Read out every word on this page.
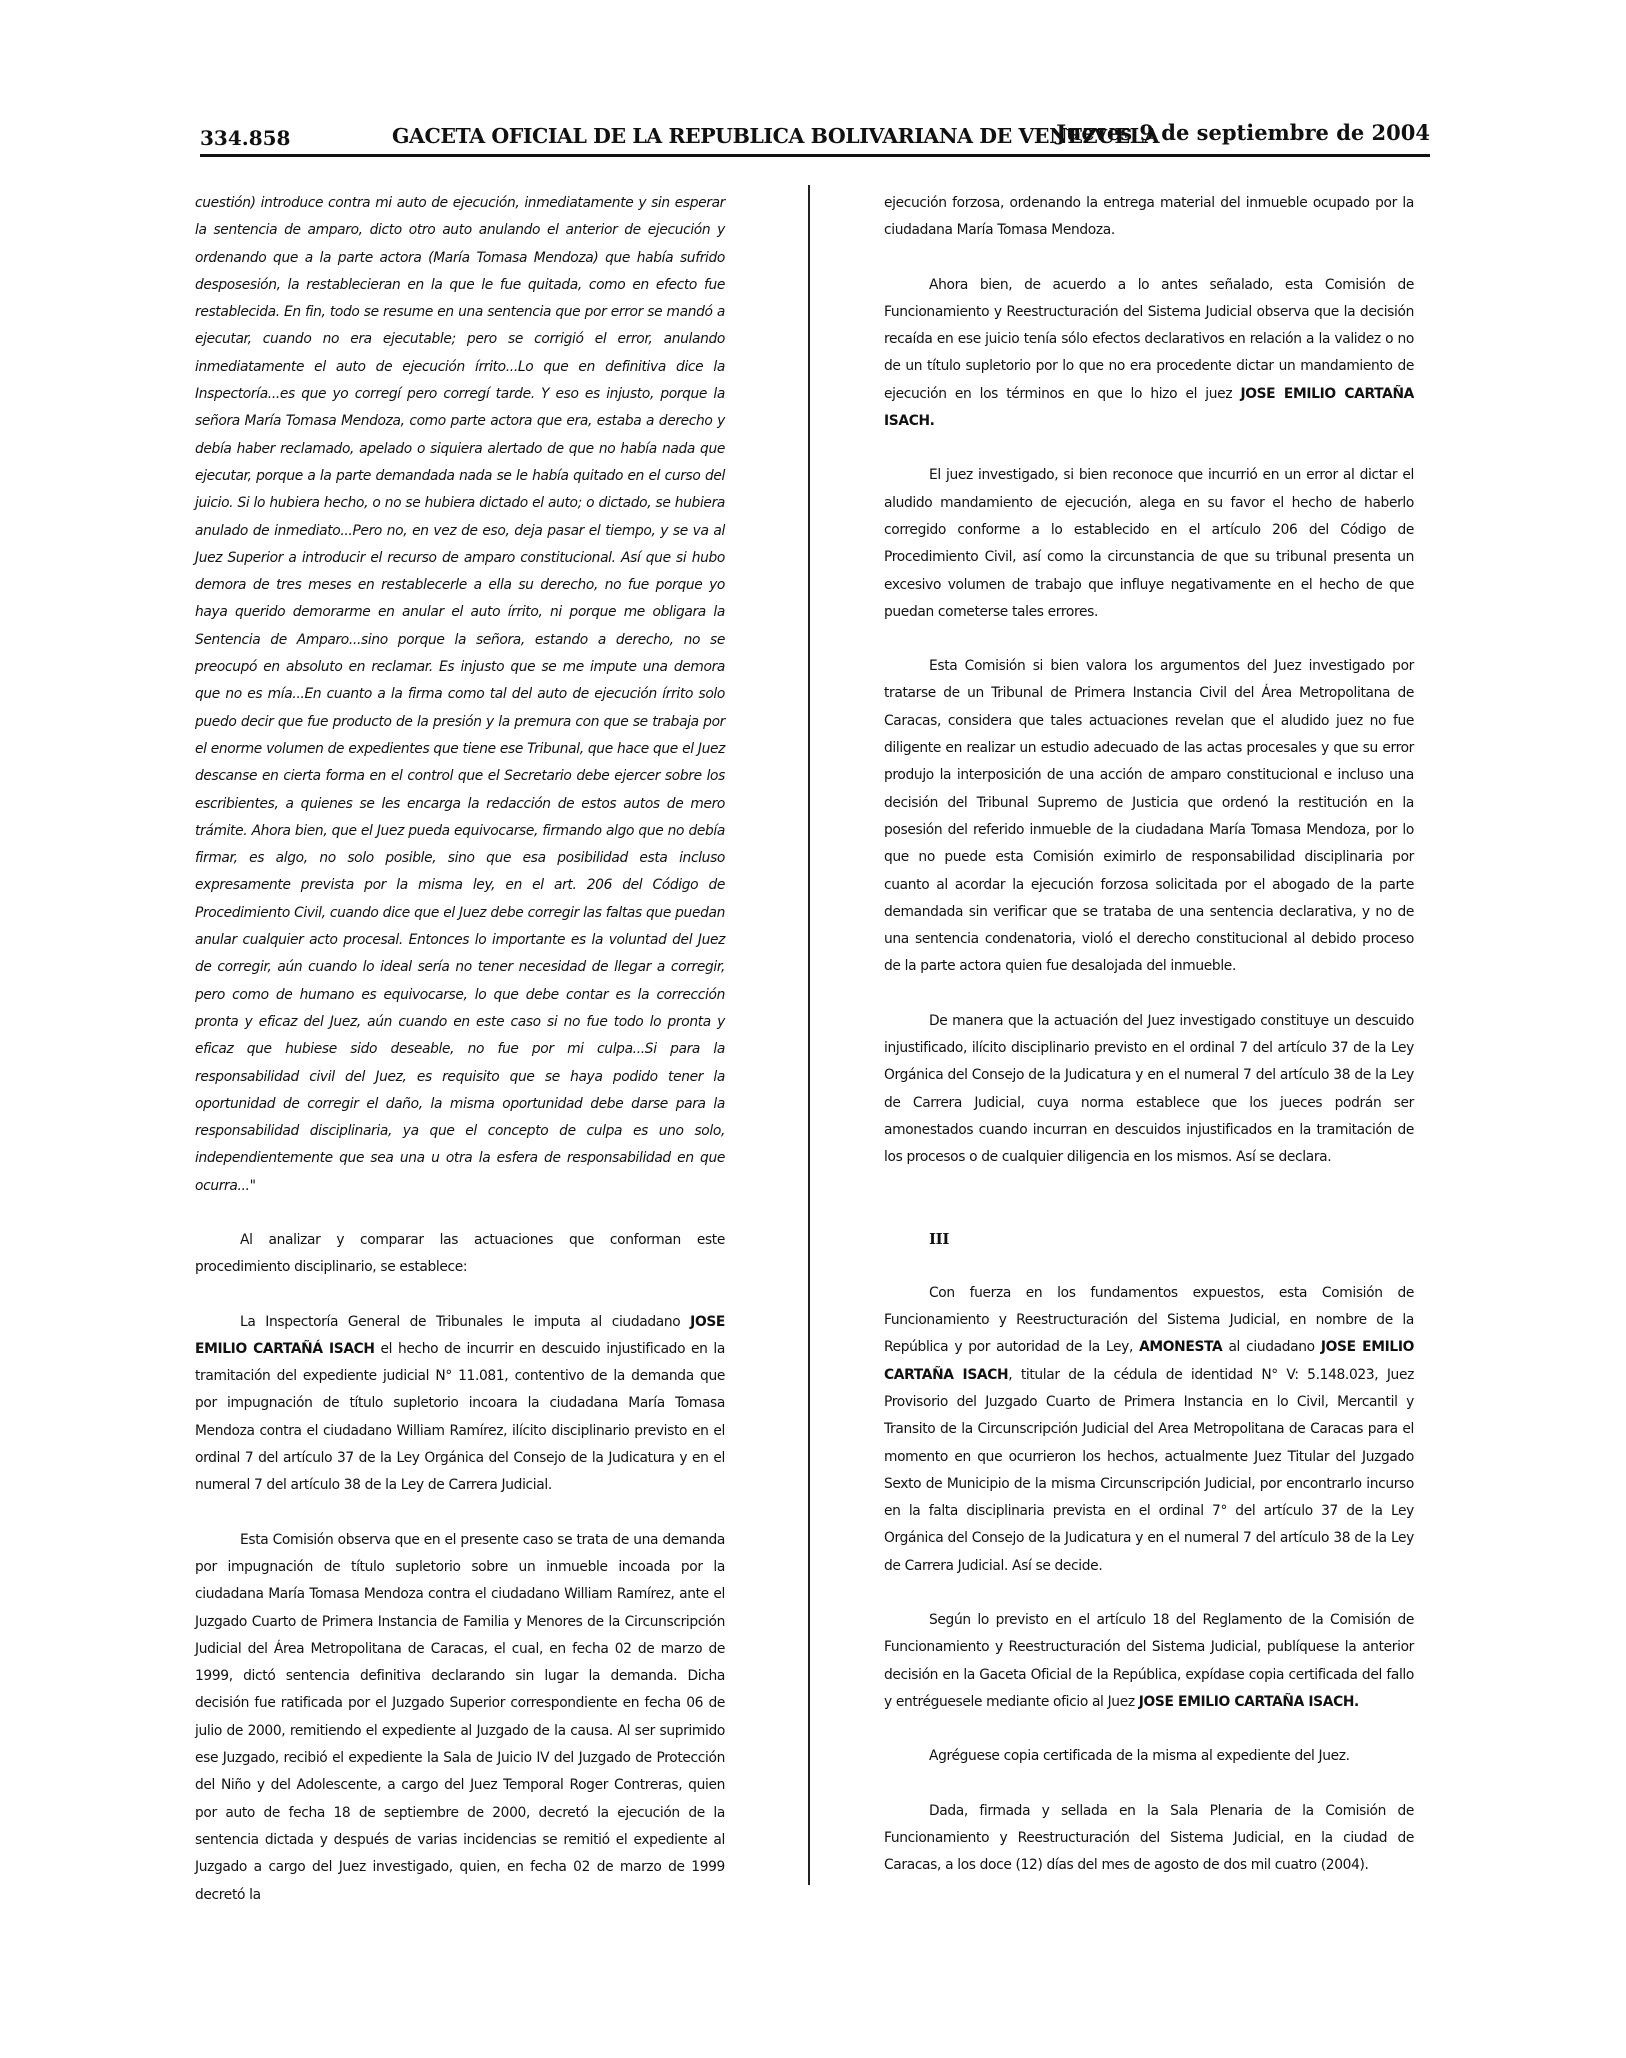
334.858	GACETA OFICIAL DE LA REPUBLICA BOLIVARIANA DE VENEZUELA
Jueves 9 de septiembre de 2004

cuestión) introduce contra mi auto de ejecución, inmediatamente y sin esperar la sentencia de amparo, dicto otro auto anulando el anterior de ejecución y ordenando que a la parte actora (María Tomasa Mendoza) que había sufrido desposesión, la restablecieran en la que le fue quitada, como en efecto fue restablecida. En fin, todo se resume en una sentencia que por error se mandó a ejecutar, cuando no era ejecutable; pero se corrigió el error, anulando inmediatamente el auto de ejecución írrito...Lo que en definitiva dice la Inspectoría...es que yo corregí pero corregí tarde. Y eso es injusto, porque la señora María Tomasa Mendoza, como parte actora que era, estaba a derecho y debía haber reclamado, apelado o siquiera alertado de que no había nada que ejecutar, porque a la parte demandada nada se le había quitado en el curso del juicio. Si lo hubiera hecho, o no se hubiera dictado el auto; o dictado, se hubiera anulado de inmediato...Pero no, en vez de eso, deja pasar el tiempo, y se va al Juez Superior a introducir el recurso de amparo constitucional. Así que si hubo demora de tres meses en restablecerle a ella su derecho, no fue porque yo haya querido demorarme en anular el auto írrito, ni porque me obligara la Sentencia de Amparo...sino porque la señora, estando a derecho, no se preocupó en absoluto en reclamar. Es injusto que se me impute una demora que no es mía...En cuanto a la firma como tal del auto de ejecución írrito solo puedo decir que fue producto de la presión y la premura con que se trabaja por el enorme volumen de expedientes que tiene ese Tribunal, que hace que el Juez descanse en cierta forma en el control que el Secretario debe ejercer sobre los escribientes, a quienes se les encarga la redacción de estos autos de mero trámite. Ahora bien, que el Juez pueda equivocarse, firmando algo que no debía firmar, es algo, no solo posible, sino que esa posibilidad esta incluso expresamente prevista por la misma ley, en el art. 206 del Código de Procedimiento Civil, cuando dice que el Juez debe corregir las faltas que puedan anular cualquier acto procesal. Entonces lo importante es la voluntad del Juez de corregir, aún cuando lo ideal sería no tener necesidad de llegar a corregir, pero como de humano es equivocarse, lo que debe contar es la corrección pronta y eficaz del Juez, aún cuando en este caso si no fue todo lo pronta y eficaz que hubiese sido deseable, no fue por mi culpa...Si para la responsabilidad civil del Juez, es requisito que se haya podido tener la oportunidad de corregir el daño, la misma oportunidad debe darse para la responsabilidad disciplinaria, ya que el concepto de culpa es uno solo, independientemente que sea una u otra la esfera de responsabilidad en que ocurra..."

Al analizar y comparar las actuaciones que conforman este procedimiento disciplinario, se establece:

La Inspectoría General de Tribunales le imputa al ciudadano JOSE EMILIO CARTAÑÁ ISACH el hecho de incurrir en descuido injustificado en la tramitación del expediente judicial N° 11.081, contentivo de la demanda que por impugnación de título supletorio incoara la ciudadana María Tomasa Mendoza contra el ciudadano William Ramírez, ilícito disciplinario previsto en el ordinal 7 del artículo 37 de la Ley Orgánica del Consejo de la Judicatura y en el numeral 7 del artículo 38 de la Ley de Carrera Judicial.

Esta Comisión observa que en el presente caso se trata de una demanda por impugnación de título supletorio sobre un inmueble incoada por la ciudadana María Tomasa Mendoza contra el ciudadano William Ramírez, ante el Juzgado Cuarto de Primera Instancia de Familia y Menores de la Circunscripción Judicial del Área Metropolitana de Caracas, el cual, en fecha 02 de marzo de 1999, dictó sentencia definitiva declarando sin lugar la demanda. Dicha decisión fue ratificada por el Juzgado Superior correspondiente en fecha 06 de julio de 2000, remitiendo el expediente al Juzgado de la causa. Al ser suprimido ese Juzgado, recibió el expediente la Sala de Juicio IV del Juzgado de Protección del Niño y del Adolescente, a cargo del Juez Temporal Roger Contreras, quien por auto de fecha 18 de septiembre de 2000, decretó la ejecución de la sentencia dictada y después de varias incidencias se remitió el expediente al Juzgado a cargo del Juez investigado, quien, en fecha 02 de marzo de 1999 decretó la

ejecución forzosa, ordenando la entrega material del inmueble ocupado por la ciudadana María Tomasa Mendoza.

Ahora bien, de acuerdo a lo antes señalado, esta Comisión de Funcionamiento y Reestructuración del Sistema Judicial observa que la decisión recaída en ese juicio tenía sólo efectos declarativos en relación a la validez o no de un título supletorio por lo que no era procedente dictar un mandamiento de ejecución en los términos en que lo hizo el juez JOSE EMILIO CARTAÑA ISACH.

El juez investigado, si bien reconoce que incurrió en un error al dictar el aludido mandamiento de ejecución, alega en su favor el hecho de haberlo corregido conforme a lo establecido en el artículo 206 del Código de Procedimiento Civil, así como la circunstancia de que su tribunal presenta un excesivo volumen de trabajo que influye negativamente en el hecho de que puedan cometerse tales errores.

Esta Comisión si bien valora los argumentos del Juez investigado por tratarse de un Tribunal de Primera Instancia Civil del Área Metropolitana de Caracas, considera que tales actuaciones revelan que el aludido juez no fue diligente en realizar un estudio adecuado de las actas procesales y que su error produjo la interposición de una acción de amparo constitucional e incluso una decisión del Tribunal Supremo de Justicia que ordenó la restitución en la posesión del referido inmueble de la ciudadana María Tomasa Mendoza, por lo que no puede esta Comisión eximirlo de responsabilidad disciplinaria por cuanto al acordar la ejecución forzosa solicitada por el abogado de la parte demandada sin verificar que se trataba de una sentencia declarativa, y no de una sentencia condenatoria, violó el derecho constitucional al debido proceso de la parte actora quien fue desalojada del inmueble.

De manera que la actuación del Juez investigado constituye un descuido injustificado, ilícito disciplinario previsto en el ordinal 7 del artículo 37 de la Ley Orgánica del Consejo de la Judicatura y en el numeral 7 del artículo 38 de la Ley de Carrera Judicial, cuya norma establece que los jueces podrán ser amonestados cuando incurran en descuidos injustificados en la tramitación de los procesos o de cualquier diligencia en los mismos. Así se declara.

III

Con fuerza en los fundamentos expuestos, esta Comisión de Funcionamiento y Reestructuración del Sistema Judicial, en nombre de la República y por autoridad de la Ley, AMONESTA al ciudadano JOSE EMILIO CARTAÑA ISACH, titular de la cédula de identidad N° V: 5.148.023, Juez Provisorio del Juzgado Cuarto de Primera Instancia en lo Civil, Mercantil y Transito de la Circunscripción Judicial del Area Metropolitana de Caracas para el momento en que ocurrieron los hechos, actualmente Juez Titular del Juzgado Sexto de Municipio de la misma Circunscripción Judicial, por encontrarlo incurso en la falta disciplinaria prevista en el ordinal 7° del artículo 37 de la Ley Orgánica del Consejo de la Judicatura y en el numeral 7 del artículo 38 de la Ley de Carrera Judicial. Así se decide.

Según lo previsto en el artículo 18 del Reglamento de la Comisión de Funcionamiento y Reestructuración del Sistema Judicial, publíquese la anterior decisión en la Gaceta Oficial de la República, expídase copia certificada del fallo y entréguesele mediante oficio al Juez JOSE EMILIO CARTAÑA ISACH.

Agréguese copia certificada de la misma al expediente del Juez.

Dada, firmada y sellada en la Sala Plenaria de la Comisión de Funcionamiento y Reestructuración del Sistema Judicial, en la ciudad de Caracas, a los doce (12) días del mes de agosto de dos mil cuatro (2004).
